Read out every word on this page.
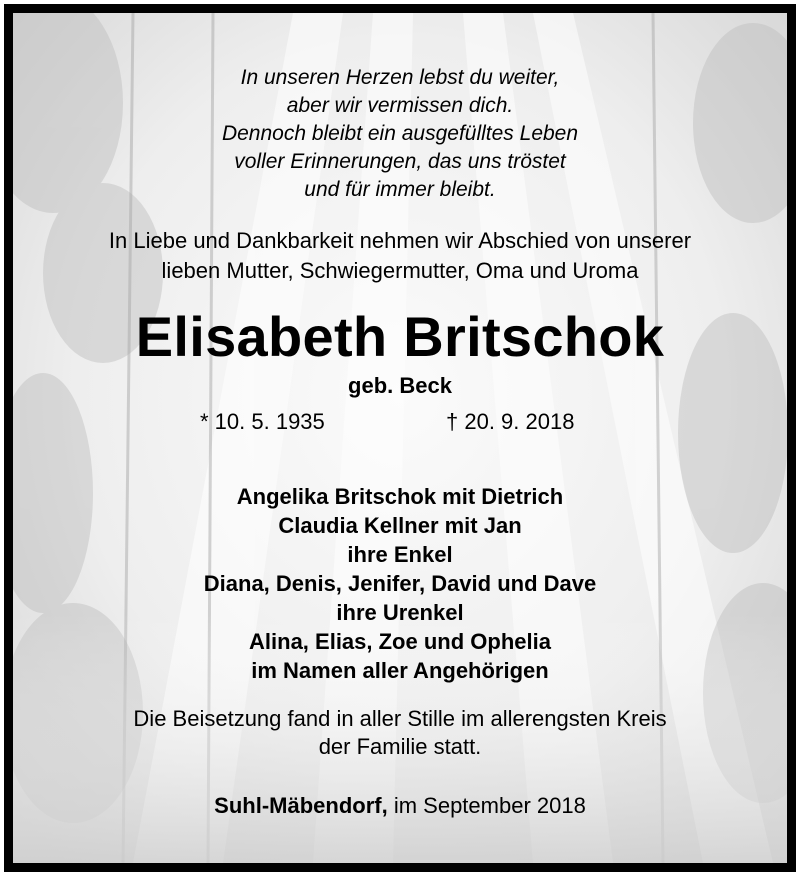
In unseren Herzen lebst du weiter,
aber wir vermissen dich.
Dennoch bleibt ein ausgefülltes Leben
voller Erinnerungen, das uns tröstet
und für immer bleibt.
In Liebe und Dankbarkeit nehmen wir Abschied von unserer
lieben Mutter, Schwiegermutter, Oma und Uroma
Elisabeth Britschok
geb. Beck
* 10. 5. 1935	† 20. 9. 2018
Angelika Britschok mit Dietrich
Claudia Kellner mit Jan
ihre Enkel
Diana, Denis, Jenifer, David und Dave
ihre Urenkel
Alina, Elias, Zoe und Ophelia
im Namen aller Angehörigen
Die Beisetzung fand in aller Stille im allerengsten Kreis
der Familie statt.
Suhl-Mäbendorf, im September 2018
